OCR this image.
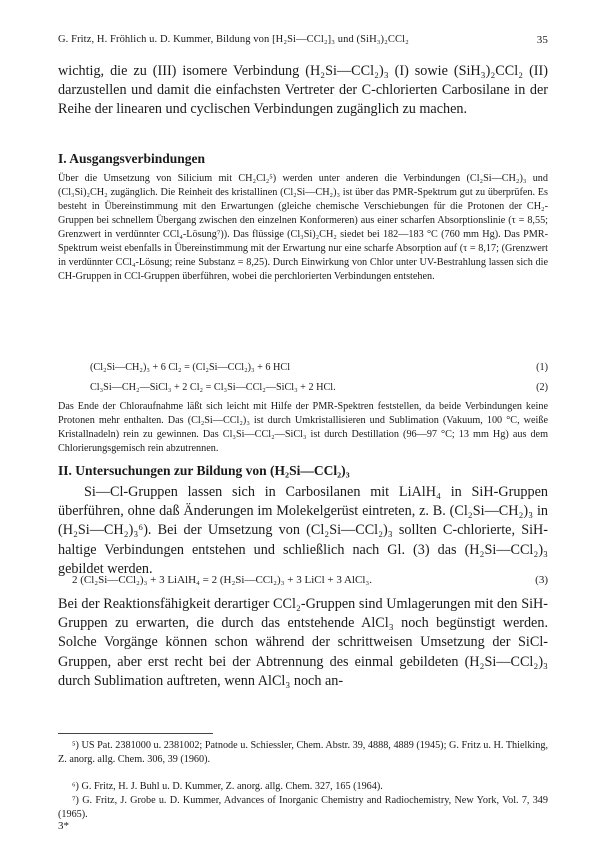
G. Fritz, H. Fröhlich u. D. Kummer, Bildung von [H₂Si—CCl₂]₃ und (SiH₃)₂CCl₂	35
wichtig, die zu (III) isomere Verbindung (H₂Si—CCl₂)₃ (I) sowie (SiH₃)₂CCl₂ (II) darzustellen und damit die einfachsten Vertreter der C-chlorierten Carbosilane in der Reihe der linearen und cyclischen Verbindungen zugänglich zu machen.
I. Ausgangsverbindungen
Über die Umsetzung von Silicium mit CH₂Cl₂⁵) werden unter anderen die Verbindungen (Cl₂Si—CH₂)₃ und (Cl₃Si)₂CH₂ zugänglich. Die Reinheit des kristallinen (Cl₂Si—CH₂)₃ ist über das PMR-Spektrum gut zu überprüfen. Es besteht in Übereinstimmung mit den Erwartungen (gleiche chemische Verschiebungen für die Protonen der CH₂-Gruppen bei schnellem Übergang zwischen den einzelnen Konformeren) aus einer scharfen Absorptionslinie (τ = 8,55; Grenzwert in verdünnter CCl₄-Lösung⁷)). Das flüssige (Cl₃Si)₂CH₂ siedet bei 182—183 °C (760 mm Hg). Das PMR-Spektrum weist ebenfalls in Übereinstimmung mit der Erwartung nur eine scharfe Absorption auf (τ = 8,17; (Grenzwert in verdünnter CCl₄-Lösung; reine Substanz = 8,25). Durch Einwirkung von Chlor unter UV-Bestrahlung lassen sich die CH-Gruppen in CCl-Gruppen überführen, wobei die perchlorierten Verbindungen entstehen.
(Cl₂Si—CH₂)₃ + 6 Cl₂ = (Cl₂Si—CCl₂)₃ + 6 HCl	(1)
Cl₃Si—CH₂—SiCl₃ + 2 Cl₂ = Cl₃Si—CCl₂—SiCl₃ + 2 HCl.	(2)
Das Ende der Chloraufnahme läßt sich leicht mit Hilfe der PMR-Spektren feststellen, da beide Verbindungen keine Protonen mehr enthalten. Das (Cl₂Si—CCl₂)₃ ist durch Umkristallisieren und Sublimation (Vakuum, 100 °C, weiße Kristallnadeln) rein zu gewinnen. Das Cl₃Si—CCl₂—SiCl₃ ist durch Destillation (96—97 °C; 13 mm Hg) aus dem Chlorierungsgemisch rein abzutrennen.
II. Untersuchungen zur Bildung von (H₂Si—CCl₂)₃
Si—Cl-Gruppen lassen sich in Carbosilanen mit LiAlH₄ in SiH-Gruppen überführen, ohne daß Änderungen im Molekelgerüst eintreten, z. B. (Cl₂Si—CH₂)₃ in (H₂Si—CH₂)₃⁶). Bei der Umsetzung von (Cl₂Si—CCl₂)₃ sollten C-chlorierte, SiH-haltige Verbindungen entstehen und schließlich nach Gl. (3) das (H₂Si—CCl₂)₃ gebildet werden.
2 (Cl₂Si—CCl₂)₃ + 3 LiAlH₄ = 2 (H₂Si—CCl₂)₃ + 3 LiCl + 3 AlCl₃.	(3)
Bei der Reaktionsfähigkeit derartiger CCl₂-Gruppen sind Umlagerungen mit den SiH-Gruppen zu erwarten, die durch das entstehende AlCl₃ noch begünstigt werden. Solche Vorgänge können schon während der schrittweisen Umsetzung der SiCl-Gruppen, aber erst recht bei der Abtrennung des einmal gebildeten (H₂Si—CCl₂)₃ durch Sublimation auftreten, wenn AlCl₃ noch an-
⁵) US Pat. 2381000 u. 2381002; Patnode u. Schiessler, Chem. Abstr. 39, 4888, 4889 (1945); G. Fritz u. H. Thielking, Z. anorg. allg. Chem. 306, 39 (1960).
⁶) G. Fritz, H. J. Buhl u. D. Kummer, Z. anorg. allg. Chem. 327, 165 (1964).
⁷) G. Fritz, J. Grobe u. D. Kummer, Advances of Inorganic Chemistry and Radiochemistry, New York, Vol. 7, 349 (1965).
3*
